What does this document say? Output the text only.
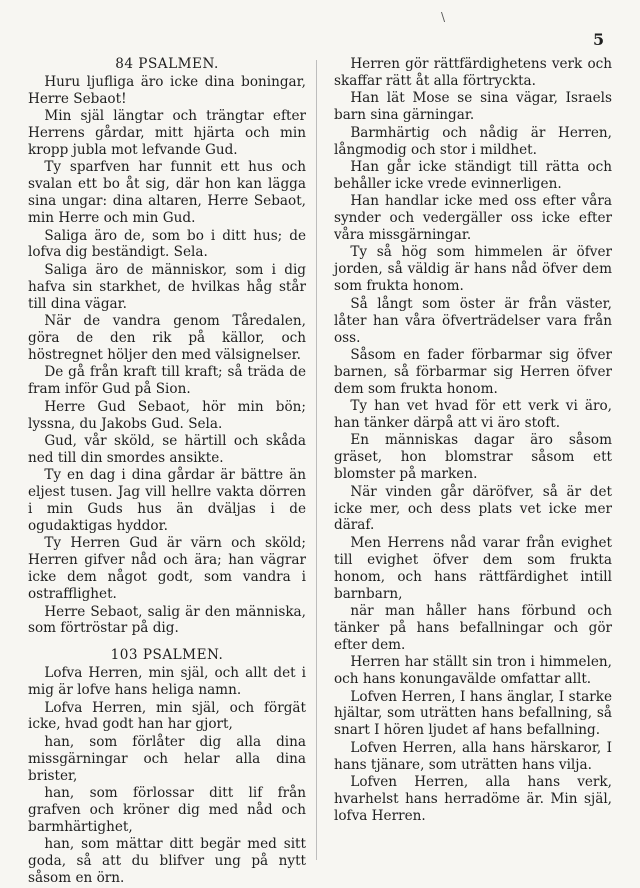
\
5
84 PSALMEN.

Huru ljufliga äro icke dina boningar, Herre Sebaot!

Min själ längtar och trängtar efter Herrens gårdar, mitt hjärta och min kropp jubla mot lefvande Gud.

Ty sparfven har funnit ett hus och svalan ett bo åt sig, där hon kan lägga sina ungar: dina altaren, Herre Sebaot, min Herre och min Gud.

Saliga äro de, som bo i ditt hus; de lofva dig beständigt. Sela.

Saliga äro de människor, som i dig hafva sin starkhet, de hvilkas håg står till dina vägar.

När de vandra genom Tåredalen, göra de den rik på källor, och höstregnet höljer den med välsignelser.

De gå från kraft till kraft; så träda de fram inför Gud på Sion.

Herre Gud Sebaot, hör min bön; lyssna, du Jakobs Gud. Sela.

Gud, vår sköld, se härtill och skåda ned till din smordes ansikte.

Ty en dag i dina gårdar är bättre än eljest tusen. Jag vill hellre vakta dörren i min Guds hus än dväljas i de ogudaktigas hyddor.

Ty Herren Gud är värn och sköld; Herren gifver nåd och ära; han vägrar icke dem något godt, som vandra i ostrafflighet.

Herre Sebaot, salig är den människa, som förtröstar på dig.

103 PSALMEN.

Lofva Herren, min själ, och allt det i mig är lofve hans heliga namn.

Lofva Herren, min själ, och förgät icke, hvad godt han har gjort,

han, som förlåter dig alla dina missgärningar och helar alla dina brister,

han, som förlossar ditt lif från grafven och kröner dig med nåd och barmhärtighet,

han, som mättar ditt begär med sitt goda, så att du blifver ung på nytt såsom en örn.

Herren gör rättfärdighetens verk och skaffar rätt åt alla förtryckta.

Han lät Mose se sina vägar, Israels barn sina gärningar.

Barmhärtig och nådig är Herren, långmodig och stor i mildhet.

Han går icke ständigt till rätta och behåller icke vrede evinnerligen.

Han handlar icke med oss efter våra synder och vedergäller oss icke efter våra missgärningar.

Ty så hög som himmelen är öfver jorden, så väldig är hans nåd öfver dem som frukta honom.

Så långt som öster är från väster, låter han våra öfverträdelser vara från oss.

Såsom en fader förbarmar sig öfver barnen, så förbarmar sig Herren öfver dem som frukta honom.

Ty han vet hvad för ett verk vi äro, han tänker därpå att vi äro stoft.

En människas dagar äro såsom gräset, hon blomstrar såsom ett blomster på marken.

När vinden går däröfver, så är det icke mer, och dess plats vet icke mer däraf.

Men Herrens nåd varar från evighet till evighet öfver dem som frukta honom, och hans rättfärdighet intill barnbarn,

när man håller hans förbund och tänker på hans befallningar och gör efter dem.

Herren har ställt sin tron i himmelen, och hans konungavälde omfattar allt.

Lofven Herren, I hans änglar, I starke hjältar, som uträtten hans befallning, så snart I hören ljudet af hans befallning.

Lofven Herren, alla hans härskaror, I hans tjänare, som uträtten hans vilja.

Lofven Herren, alla hans verk, hvarhelst hans herradöme är. Min själ, lofva Herren.
